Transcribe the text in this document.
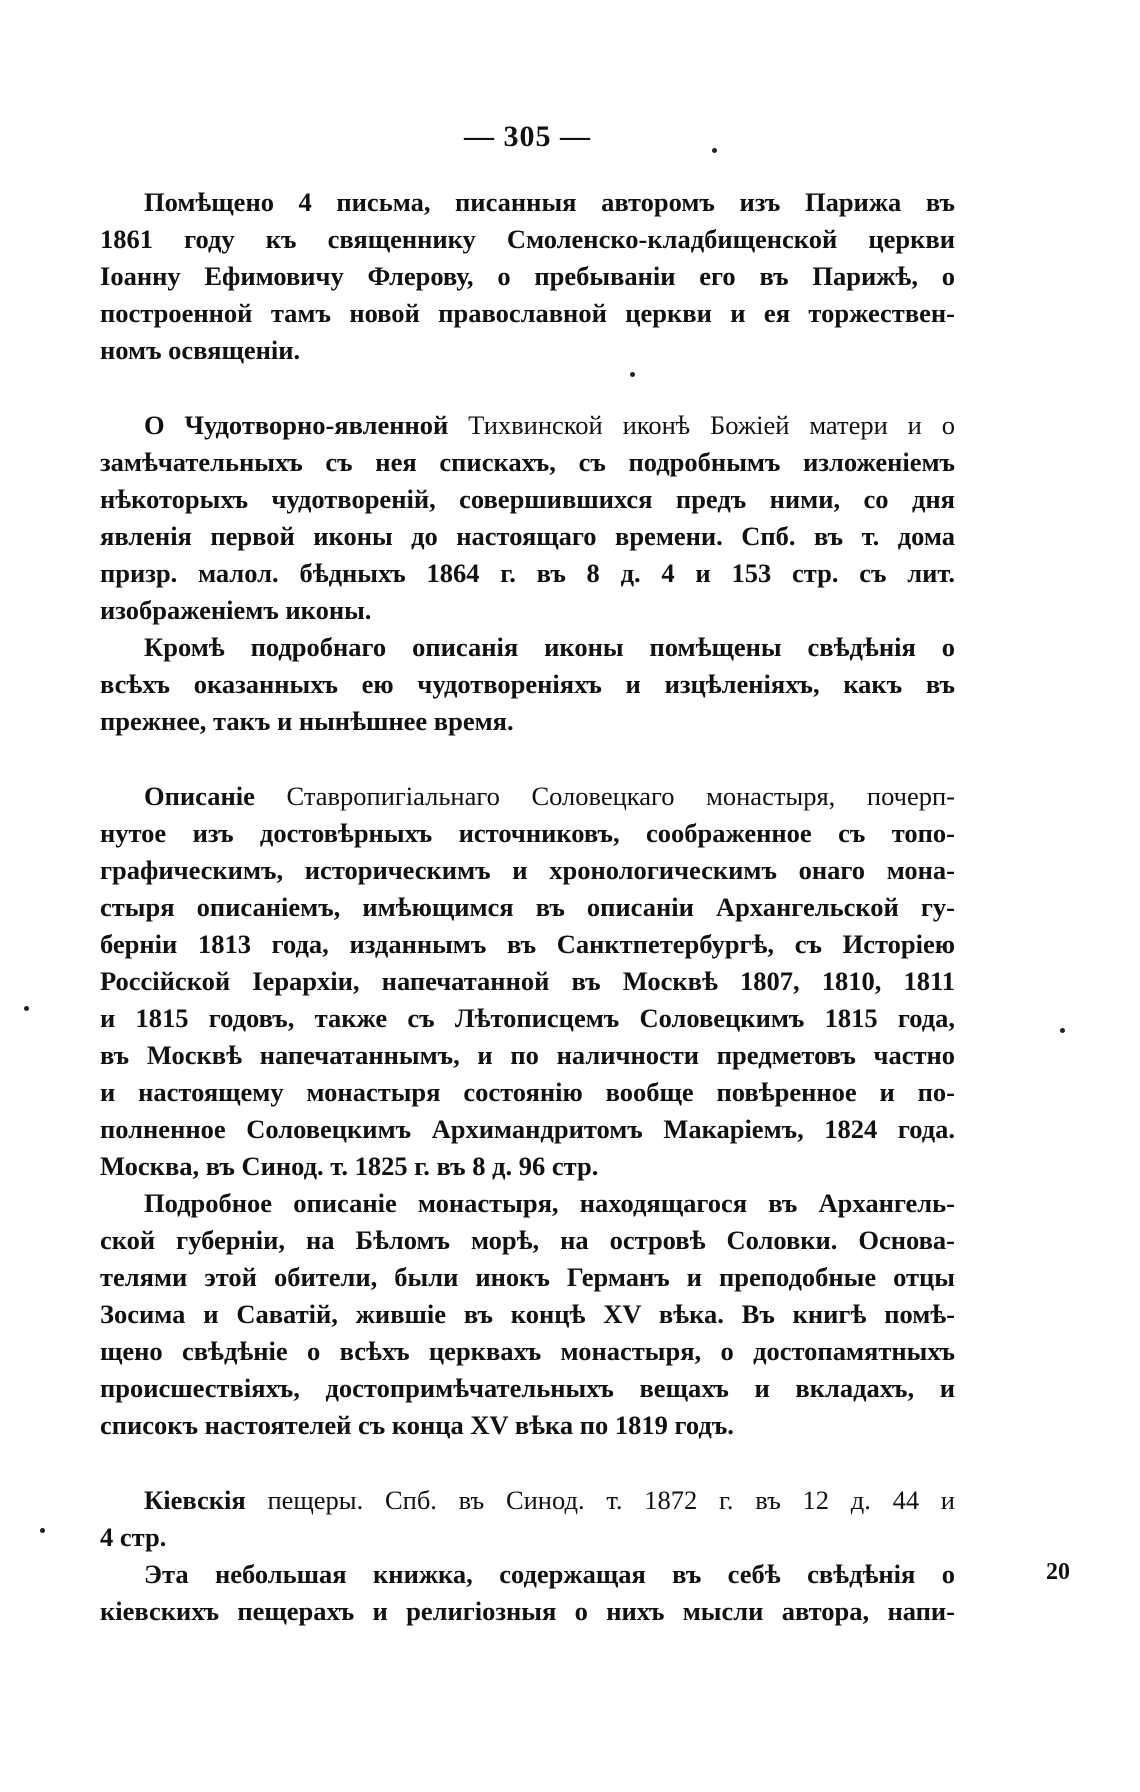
— 305 —
Помѣщено 4 письма, писанныя авторомъ изъ Парижа въ
1861 году къ священнику Смоленско-кладбищенской церкви
Іоанну Ефимовичу Флерову, о пребываніи его въ Парижѣ, о
построенной тамъ новой православной церкви и ея торжествен-
номъ освященіи.
О Чудотворно-явленной Тихвинской иконѣ Божіей матери и о
замѣчательныхъ съ нея спискахъ, съ подробнымъ изложеніемъ
нѣкоторыхъ чудотвореній, совершившихся предъ ними, со дня
явленія первой иконы до настоящаго времени. Спб. въ т. дома
призр. малол. бѣдныхъ 1864 г. въ 8 д. 4 и 153 стр. съ лит.
изображеніемъ иконы.
Кромѣ подробнаго описанія иконы помѣщены свѣдѣнія о
всѣхъ оказанныхъ ею чудотвореніяхъ и изцѣленіяхъ, какъ въ
прежнее, такъ и нынѣшнее время.
Описаніе Ставропигіальнаго Соловецкаго монастыря, почерп-
нутое изъ достовѣрныхъ источниковъ, соображенное съ топо-
графическимъ, историческимъ и хронологическимъ онаго мона-
стыря описаніемъ, имѣющимся въ описаніи Архангельской гу-
берніи 1813 года, изданнымъ въ Санктпетербургѣ, съ Исторіею
Россійской Іерархіи, напечатанной въ Москвѣ 1807, 1810, 1811
и 1815 годовъ, также съ Лѣтописцемъ Соловецкимъ 1815 года,
въ Москвѣ напечатаннымъ, и по наличности предметовъ частно
и настоящему монастыря состоянію вообще повѣренное и по-
полненное Соловецкимъ Архимандритомъ Макаріемъ, 1824 года.
Москва, въ Синод. т. 1825 г. въ 8 д. 96 стр.
Подробное описаніе монастыря, находящагося въ Архангель-
ской губерніи, на Бѣломъ морѣ, на островѣ Соловки. Основа-
телями этой обители, были инокъ Германъ и преподобные отцы
Зосима и Саватій, жившіе въ концѣ XV вѣка. Въ книгѣ помѣ-
щено свѣдѣніе о всѣхъ церквахъ монастыря, о достопамятныхъ
происшествіяхъ, достопримѣчательныхъ вещахъ и вкладахъ, и
списокъ настоятелей съ конца XV вѣка по 1819 годъ.
Кіевскія пещеры. Спб. въ Синод. т. 1872 г. въ 12 д. 44 и
4 стр.
Эта небольшая книжка, содержащая въ себѣ свѣдѣнія о
кіевскихъ пещерахъ и религіозныя о нихъ мысли автора, напи-
20
